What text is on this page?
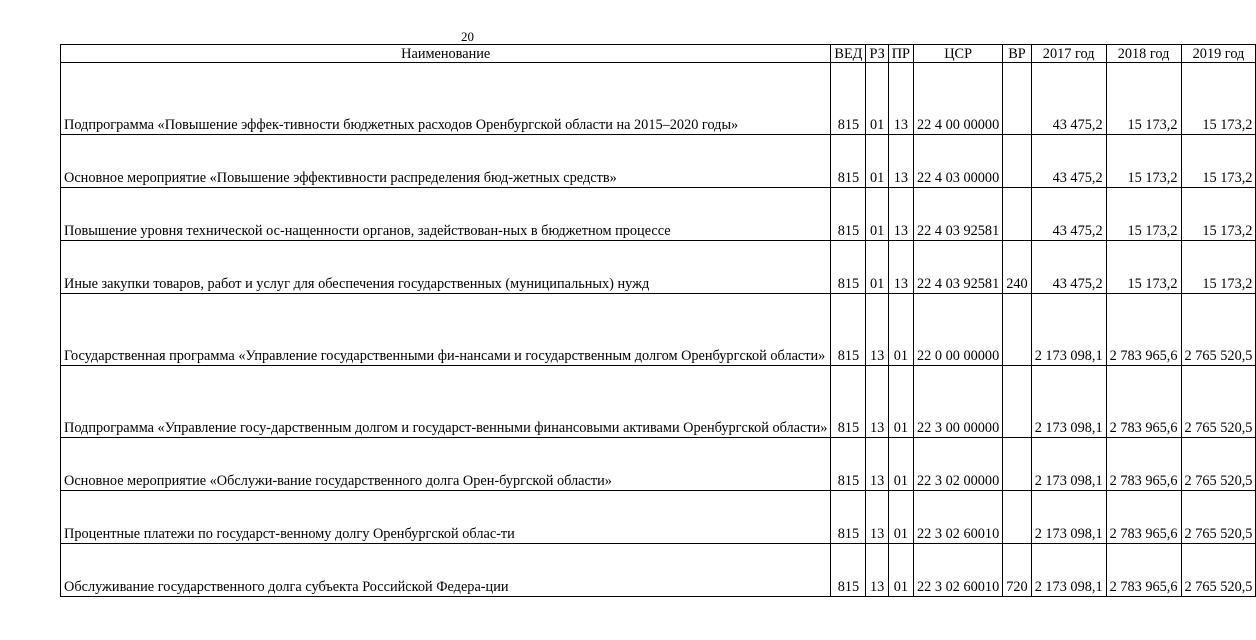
20
Наименование	ВЕД	РЗ	ПР	ЦСР	ВР	2017 год	2018 год	2019 год
Подпрограмма «Повышение эффек-тивности бюджетных расходов Оренбургской области на 2015–2020 годы»	815	01	13	22 4 00 00000		43 475,2	15 173,2	15 173,2
Основное мероприятие «Повышение эффективности распределения бюд-жетных средств»	815	01	13	22 4 03 00000		43 475,2	15 173,2	15 173,2
Повышение уровня технической ос-нащенности органов, задействован-ных в бюджетном процессе	815	01	13	22 4 03 92581		43 475,2	15 173,2	15 173,2
Иные закупки товаров, работ и услуг для обеспечения государственных (муниципальных) нужд	815	01	13	22 4 03 92581	240	43 475,2	15 173,2	15 173,2
Государственная программа «Управление государственными фи-нансами и государственным долгом Оренбургской области»	815	13	01	22 0 00 00000		2 173 098,1	2 783 965,6	2 765 520,5
Подпрограмма «Управление госу-дарственным долгом и государст-венными финансовыми активами Оренбургской области»	815	13	01	22 3 00 00000		2 173 098,1	2 783 965,6	2 765 520,5
Основное мероприятие «Обслужи-вание государственного долга Орен-бургской области»	815	13	01	22 3 02 00000		2 173 098,1	2 783 965,6	2 765 520,5
Процентные платежи по государст-венному долгу Оренбургской облас-ти	815	13	01	22 3 02 60010		2 173 098,1	2 783 965,6	2 765 520,5
Обслуживание государственного долга субъекта Российской Федера-ции	815	13	01	22 3 02 60010	720	2 173 098,1	2 783 965,6	2 765 520,5
